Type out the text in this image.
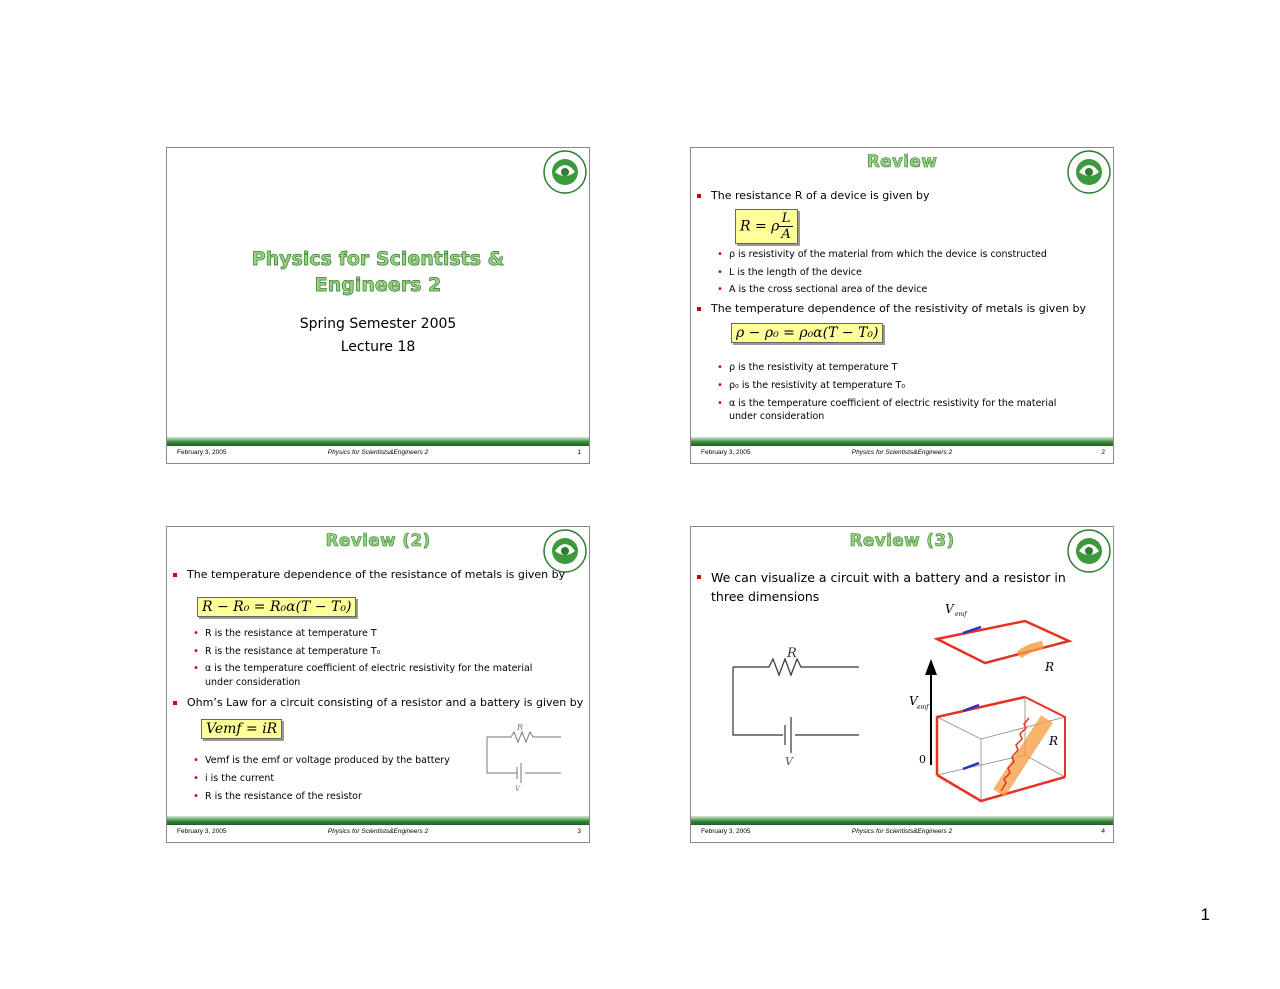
Physics for Scientists &
Engineers 2
Spring Semester 2005
Lecture 18
February 3, 2005	Physics for Scientists&Engineers 2	1
Review
The resistance R of a device is given by
R = ρ $\frac{L}{A}$
• ρ is resistivity of the material from which the device is constructed
• L is the length of the device
• A is the cross sectional area of the device
The temperature dependence of the resistivity of metals is given by
ρ − ρ₀ = ρ₀α(T − T₀)
• ρ is the resistivity at temperature T
• ρ₀ is the resistivity at temperature T₀
• α is the temperature coefficient of electric resistivity for the material
under consideration
February 3, 2005	Physics for Scientists&Engineers 2	2
Review (2)
The temperature dependence of the resistance of metals is given by
R − R₀ = R₀α(T − T₀)
• R is the resistance at temperature T
• R is the resistance at temperature T₀
• α is the temperature coefficient of electric resistivity for the material
under consideration
Ohm’s Law for a circuit consisting of a resistor and a battery is given by
Vemf = iR
• Vemf is the emf or voltage produced by the battery
• i is the current
• R is the resistance of the resistor
R
V
February 3, 2005	Physics for Scientists&Engineers 2	3
Review (3)
We can visualize a circuit with a battery and a resistor in
three dimensions
R
V
V emf
R
V emf
0
R
February 3, 2005	Physics for Scientists&Engineers 2	4
1
